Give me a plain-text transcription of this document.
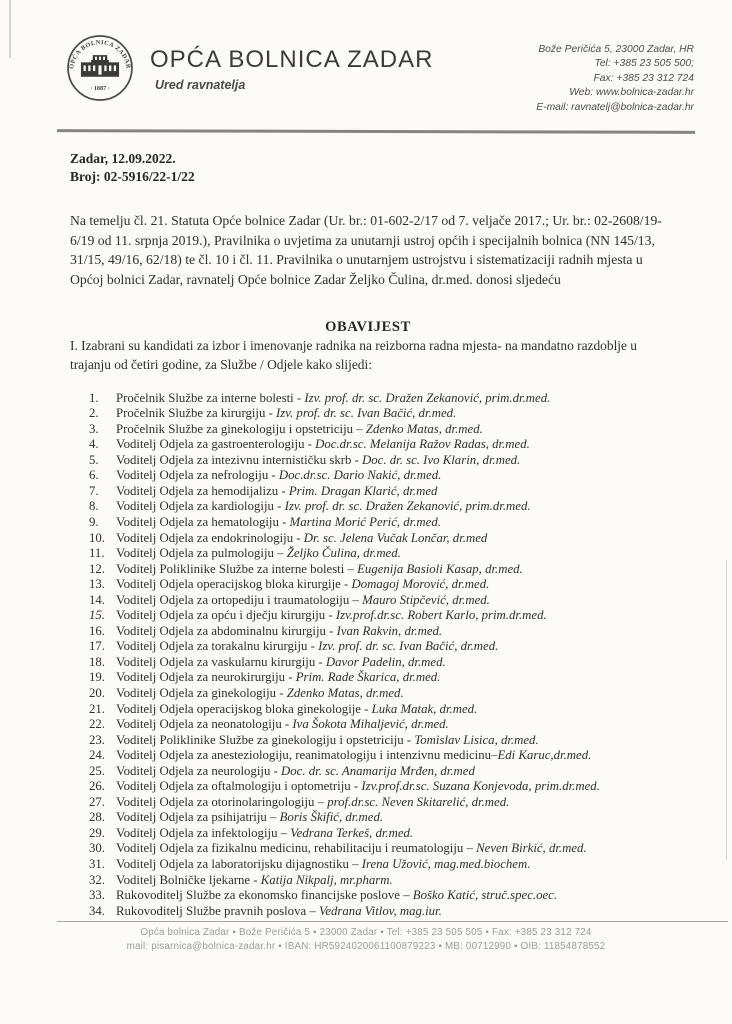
OPĆA BOLNICA ZADAR
· 1887 ·
OPĆA BOLNICA ZADAR
Ured ravnatelja
Bože Peričića 5, 23000 Zadar, HR
Tel: +385 23 505 500;
Fax: +385 23 312 724
Web: www.bolnica-zadar.hr
E-mail: ravnatelj@bolnica-zadar.hr
Zadar, 12.09.2022.
Broj: 02-5916/22-1/22

Na temelju čl. 21. Statuta Opće bolnice Zadar (Ur. br.: 01-602-2/17 od 7. veljače 2017.; Ur. br.: 02-2608/19-6/19 od 11. srpnja 2019.), Pravilnika o uvjetima za unutarnji ustroj općih i specijalnih bolnica (NN 145/13, 31/15, 49/16, 62/18) te čl. 10 i čl. 11. Pravilnika o unutarnjem ustrojstvu i sistematizaciji radnih mjesta u Općoj bolnici Zadar, ravnatelj Opće bolnice Zadar Željko Čulina, dr.med. donosi sljedeću

OBAVIJEST

I. Izabrani su kandidati za izbor i imenovanje radnika na reizborna radna mjesta- na mandatno razdoblje u trajanju od četiri godine, za Službe / Odjele kako slijedi:

1.	Pročelnik Službe za interne bolesti - Izv. prof. dr. sc. Dražen Zekanović, prim.dr.med.
2.	Pročelnik Službe za kirurgiju - Izv. prof. dr. sc. Ivan Bačić, dr.med.
3.	Pročelnik Službe za ginekologiju i opstetriciju – Zdenko Matas, dr.med.
4.	Voditelj Odjela za gastroenterologiju - Doc.dr.sc. Melanija Ražov Radas, dr.med.
5.	Voditelj Odjela za intezivnu internističku skrb - Doc. dr. sc. Ivo Klarin, dr.med.
6.	Voditelj Odjela za nefrologiju - Doc.dr.sc. Dario Nakić, dr.med.
7.	Voditelj Odjela za hemodijalizu - Prim. Dragan Klarić, dr.med
8.	Voditelj Odjela za kardiologiju - Izv. prof. dr. sc. Dražen Zekanović, prim.dr.med.
9.	Voditelj Odjela za hematologiju - Martina Morić Perić, dr.med.
10. Voditelj Odjela za endokrinologiju - Dr. sc. Jelena Vučak Lončar, dr.med
11. Voditelj Odjela za pulmologiju – Željko Čulina, dr.med.
12. Voditelj Poliklinike Službe za interne bolesti – Eugenija Basioli Kasap, dr.med.
13. Voditelj Odjela operacijskog bloka kirurgije - Domagoj Morović, dr.med.
14. Voditelj Odjela za ortopediju i traumatologiju – Mauro Stipčević, dr.med.
15. Voditelj Odjela za opću i dječju kirurgiju - Izv.prof.dr.sc. Robert Karlo, prim.dr.med.
16. Voditelj Odjela za abdominalnu kirurgiju - Ivan Rakvin, dr.med.
17. Voditelj Odjela za torakalnu kirurgiju - Izv. prof. dr. sc. Ivan Bačić, dr.med.
18. Voditelj Odjela za vaskularnu kirurgiju - Davor Padelin, dr.med.
19. Voditelj Odjela za neurokirurgiju - Prim. Rade Škarica, dr.med.
20. Voditelj Odjela za ginekologiju - Zdenko Matas, dr.med.
21. Voditelj Odjela operacijskog bloka ginekologije - Luka Matak, dr.med.
22. Voditelj Odjela za neonatologiju - Iva Šokota Mihaljević, dr.med.
23. Voditelj Poliklinike Službe za ginekologiju i opstetriciju - Tomislav Lisica, dr.med.
24. Voditelj Odjela za anesteziologiju, reanimatologiju i intenzivnu medicinu–Edi Karuc,dr.med.
25. Voditelj Odjela za neurologiju - Doc. dr. sc. Anamarija Mrđen, dr.med
26. Voditelj Odjela za oftalmologiju i optometriju - Izv.prof.dr.sc. Suzana Konjevoda, prim.dr.med.
27. Voditelj Odjela za otorinolaringologiju – prof.dr.sc. Neven Skitarelić, dr.med.
28. Voditelj Odjela za psihijatriju – Boris Škifić, dr.med.
29. Voditelj Odjela za infektologiju – Vedrana Terkeš, dr.med.
30. Voditelj Odjela za fizikalnu medicinu, rehabilitaciju i reumatologiju – Neven Birkić, dr.med.
31. Voditelj Odjela za laboratorijsku dijagnostiku – Irena Užović, mag.med.biochem.
32. Voditelj Bolničke ljekarne - Katija Nikpalj, mr.pharm.
33. Rukovoditelj Službe za ekonomsko financijske poslove – Boško Katić, struč.spec.oec.
34. Rukovoditelj Službe pravnih poslova – Vedrana Vitlov, mag.iur.
Opća bolnica Zadar ▪ Bože Peričića 5 ▪ 23000 Zadar ▪ Tel: +385 23 505 505 ▪ Fax: +385 23 312 724
mail: pisarnica@bolnica-zadar.hr ▪ IBAN: HR5924020061100879223 ▪ MB: 00712990 ▪ OIB: 11854878552
